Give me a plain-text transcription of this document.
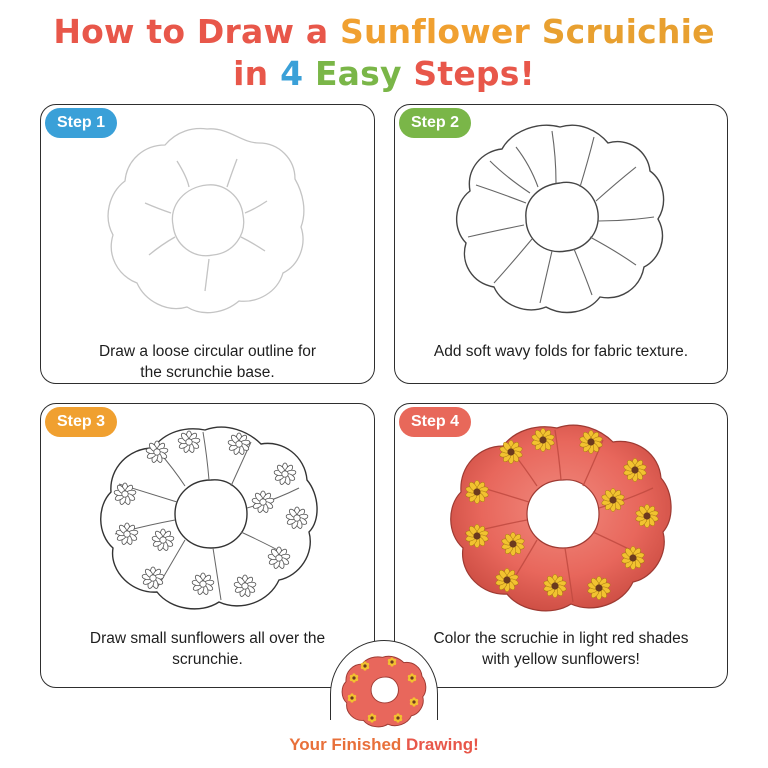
How to Draw a Sunflower Scruichie
in 4 Easy Steps!
Step 1
Draw a loose circular outline for
the scrunchie base.
Step 2
Add soft wavy folds for fabric texture.
Step 3
Draw small sunflowers all over the
scrunchie.
Step 4
Color the scruchie in light red shades
with yellow sunflowers!
Your Finished Drawing!
